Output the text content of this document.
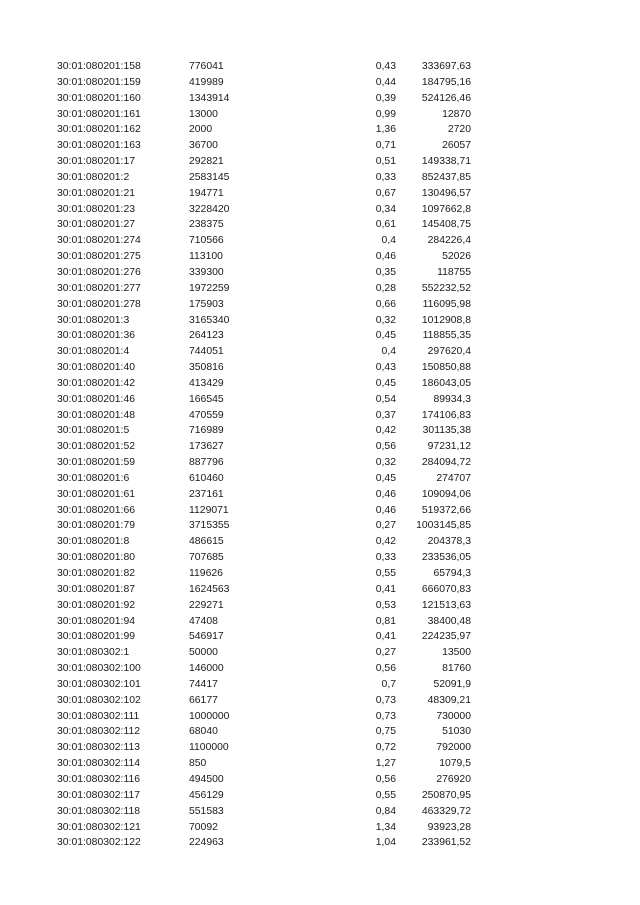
30:01:080201:158	776041	0,43 333697,63
30:01:080201:159	419989	0,44 184795,16
30:01:080201:160	1343914	0,39 524126,46
30:01:080201:161	13000	0,99	12870
30:01:080201:162	2000	1,36	2720
30:01:080201:163	36700	0,71	26057
30:01:080201:17	292821	0,51 149338,71
30:01:080201:2	2583145	0,33 852437,85
30:01:080201:21	194771	0,67 130496,57
30:01:080201:23	3228420	0,34 1097662,8
30:01:080201:27	238375	0,61 145408,75
30:01:080201:274	710566	0,4	284226,4
30:01:080201:275	113100	0,46	52026
30:01:080201:276	339300	0,35	118755
30:01:080201:277	1972259	0,28 552232,52
30:01:080201:278	175903	0,66	116095,98
30:01:080201:3	3165340	0,32 1012908,8
30:01:080201:36	264123	0,45	118855,35
30:01:080201:4	744051	0,4	297620,4
30:01:080201:40	350816	0,43 150850,88
30:01:080201:42	413429	0,45 186043,05
30:01:080201:46	166545	0,54	89934,3
30:01:080201:48	470559	0,37 174106,83
30:01:080201:5	716989	0,42	301135,38
30:01:080201:52	173627	0,56	97231,12
30:01:080201:59	887796	0,32 284094,72
30:01:080201:6	610460	0,45	274707
30:01:080201:61	237161	0,46 109094,06
30:01:080201:66	1129071	0,46 519372,66
30:01:080201:79	3715355	0,27 1003145,85
30:01:080201:8	486615	0,42	204378,3
30:01:080201:80	707685	0,33 233536,05
30:01:080201:82	119626	0,55	65794,3
30:01:080201:87	1624563	0,41 666070,83
30:01:080201:92	229271	0,53 121513,63
30:01:080201:94	47408	0,81	38400,48
30:01:080201:99	546917	0,41 224235,97
30:01:080302:1	50000	0,27	13500
30:01:080302:100	146000	0,56	81760
30:01:080302:101	74417	0,7	52091,9
30:01:080302:102	66177	0,73	48309,21
30:01:080302:111	1000000	0,73	730000
30:01:080302:112	68040	0,75	51030
30:01:080302:113	1100000	0,72	792000
30:01:080302:114	850	1,27	1079,5
30:01:080302:116	494500	0,56	276920
30:01:080302:117	456129	0,55 250870,95
30:01:080302:118	551583	0,84 463329,72
30:01:080302:121	70092	1,34	93923,28
30:01:080302:122	224963	1,04 233961,52
